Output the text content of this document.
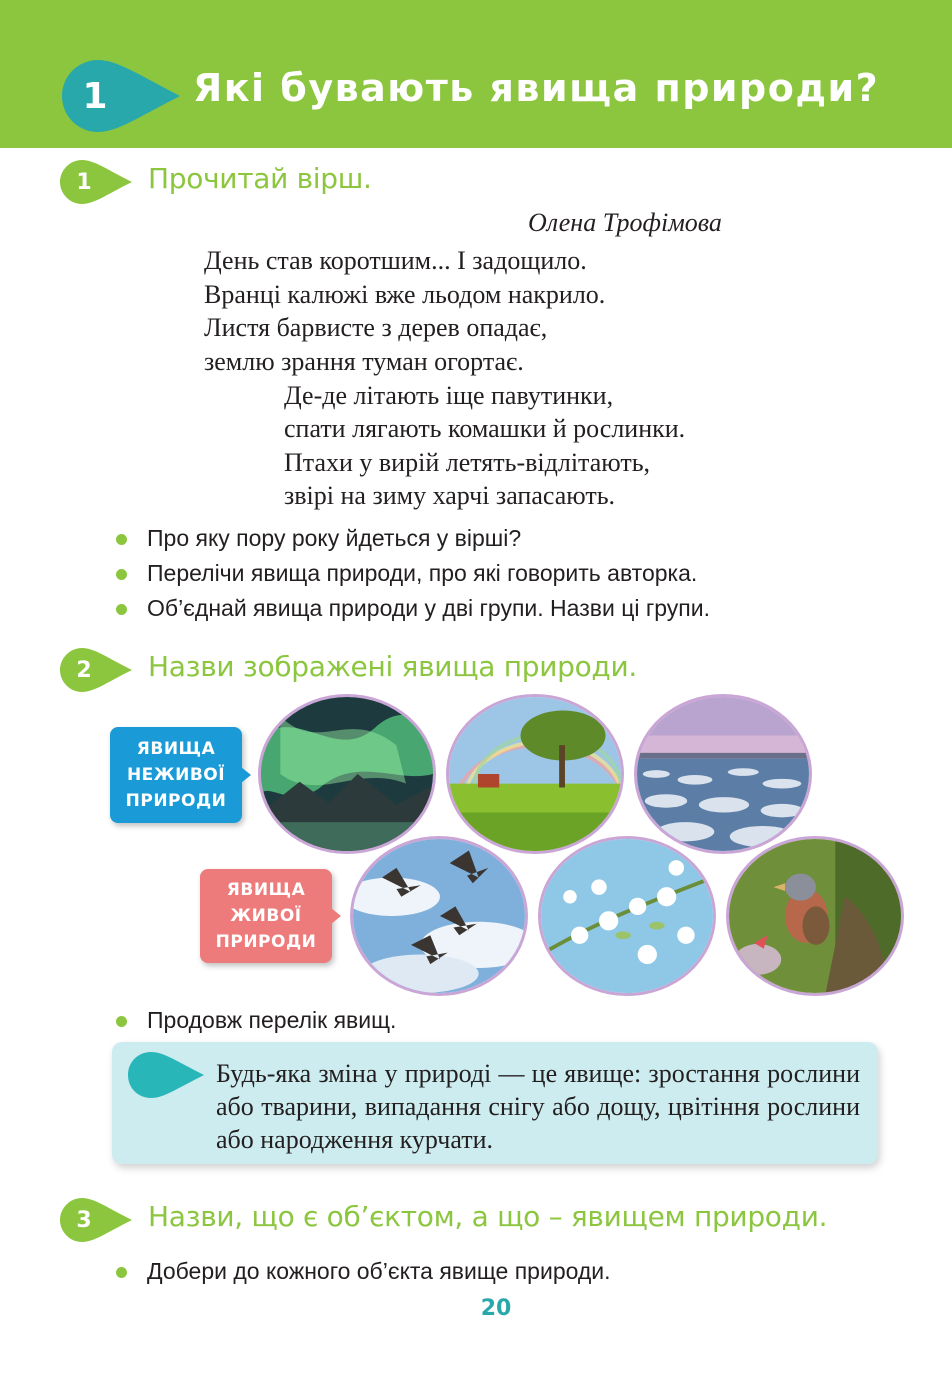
1	Які бувають явища природи?
1	Прочитай вірш.
Олена Трофімова
День став коротшим... І задощило.
Вранці калюжі вже льодом накрило.
Листя барвисте з дерев опадає,
землю зрання туман огортає.
Де-де літають іще павутинки,
спати лягають комашки й рослинки.
Птахи у вирій летять-відлітають,
звірі на зиму харчі запасають.
Про яку пору року йдеться у вірші?
Перелічи явища природи, про які говорить авторка.
Об’єднай явища природи у дві групи. Назви ці групи.
2	Назви зображені явища природи.
ЯВИЩА
НЕЖИВОЇ
ПРИРОДИ
ЯВИЩА
ЖИВОЇ
ПРИРОДИ
Продовж перелік явищ.
Будь-яка зміна у природі — це явище: зростання рослини або тварини, випадання снігу або дощу, цвітіння рослини або народження курчати.
3	Назви, що є об’єктом, а що – явищем природи.
Добери до кожного об’єкта явище природи.
20
